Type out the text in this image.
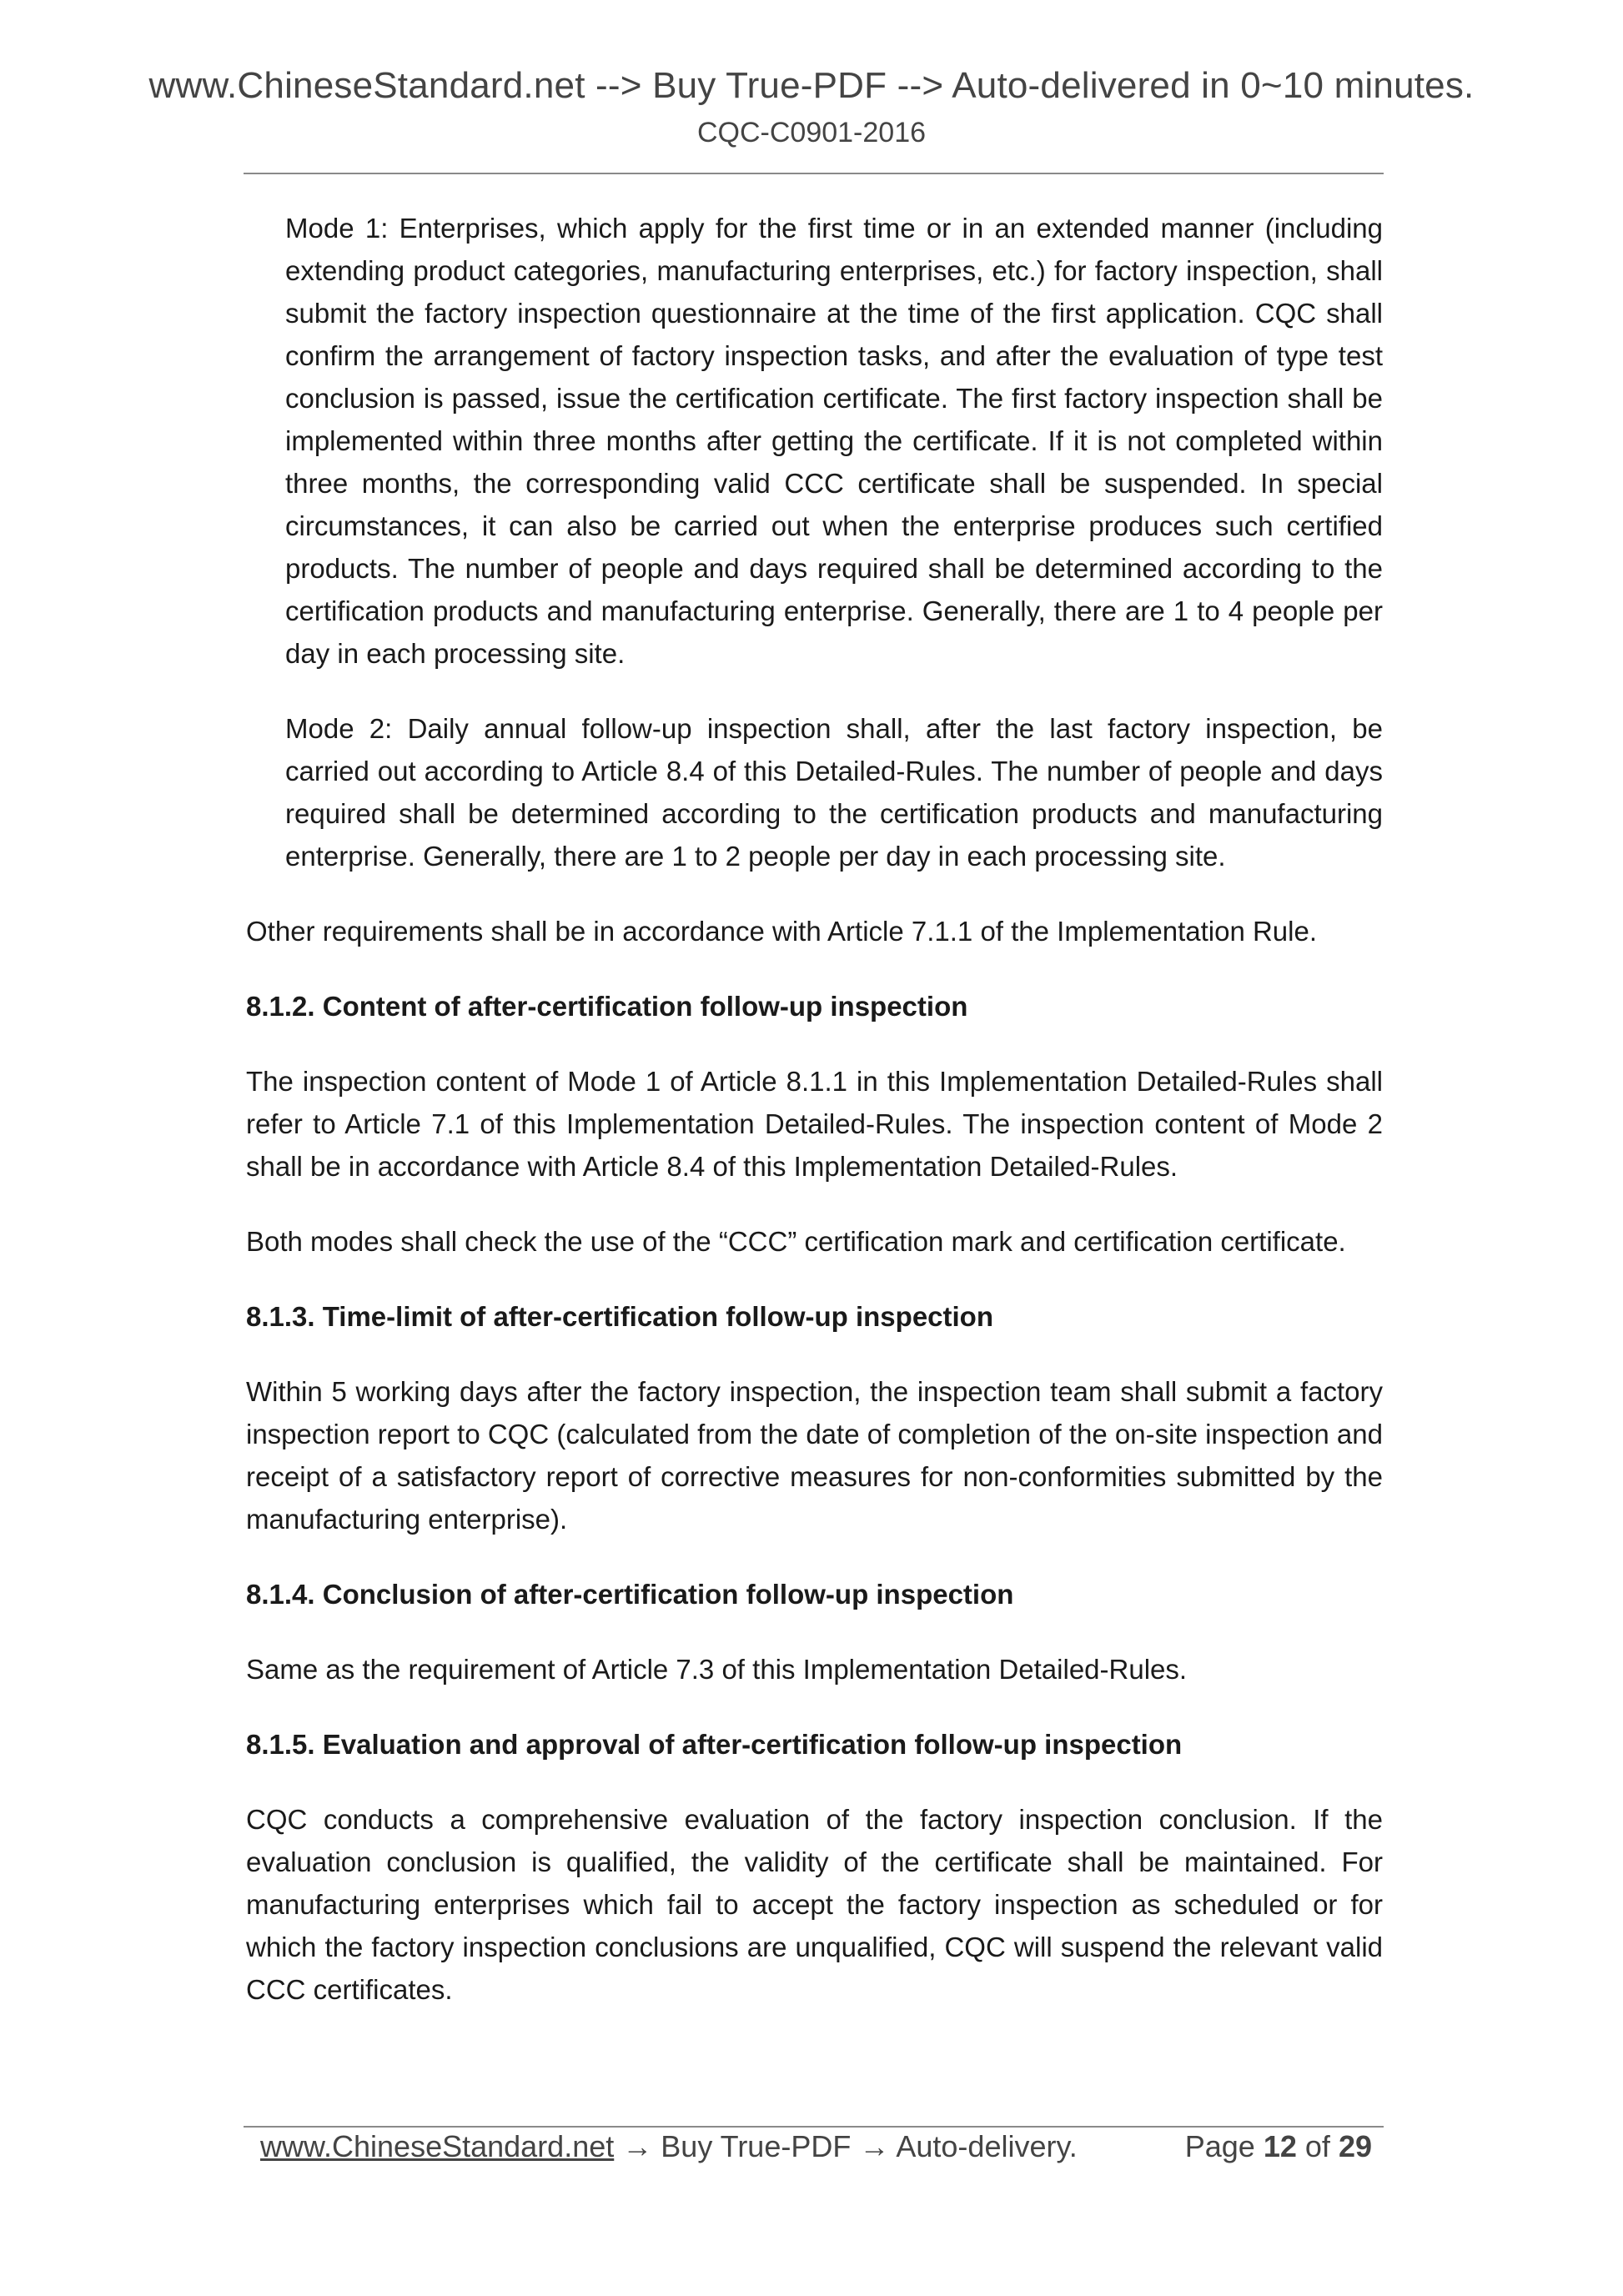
www.ChineseStandard.net --> Buy True-PDF --> Auto-delivered in 0~10 minutes.
CQC-C0901-2016

Mode 1: Enterprises, which apply for the first time or in an extended manner (including extending product categories, manufacturing enterprises, etc.) for factory inspection, shall submit the factory inspection questionnaire at the time of the first application. CQC shall confirm the arrangement of factory inspection tasks, and after the evaluation of type test conclusion is passed, issue the certification certificate. The first factory inspection shall be implemented within three months after getting the certificate. If it is not completed within three months, the corresponding valid CCC certificate shall be suspended. In special circumstances, it can also be carried out when the enterprise produces such certified products. The number of people and days required shall be determined according to the certification products and manufacturing enterprise. Generally, there are 1 to 4 people per day in each processing site.

Mode 2: Daily annual follow-up inspection shall, after the last factory inspection, be carried out according to Article 8.4 of this Detailed-Rules. The number of people and days required shall be determined according to the certification products and manufacturing enterprise. Generally, there are 1 to 2 people per day in each processing site.

Other requirements shall be in accordance with Article 7.1.1 of the Implementation Rule.

8.1.2. Content of after-certification follow-up inspection

The inspection content of Mode 1 of Article 8.1.1 in this Implementation Detailed-Rules shall refer to Article 7.1 of this Implementation Detailed-Rules. The inspection content of Mode 2 shall be in accordance with Article 8.4 of this Implementation Detailed-Rules.

Both modes shall check the use of the “CCC” certification mark and certification certificate.

8.1.3. Time-limit of after-certification follow-up inspection

Within 5 working days after the factory inspection, the inspection team shall submit a factory inspection report to CQC (calculated from the date of completion of the on-site inspection and receipt of a satisfactory report of corrective measures for non-conformities submitted by the manufacturing enterprise).

8.1.4. Conclusion of after-certification follow-up inspection

Same as the requirement of Article 7.3 of this Implementation Detailed-Rules.

8.1.5. Evaluation and approval of after-certification follow-up inspection

CQC conducts a comprehensive evaluation of the factory inspection conclusion. If the evaluation conclusion is qualified, the validity of the certificate shall be maintained. For manufacturing enterprises which fail to accept the factory inspection as scheduled or for which the factory inspection conclusions are unqualified, CQC will suspend the relevant valid CCC certificates.

www.ChineseStandard.net → Buy True-PDF → Auto-delivery.	Page 12 of 29
